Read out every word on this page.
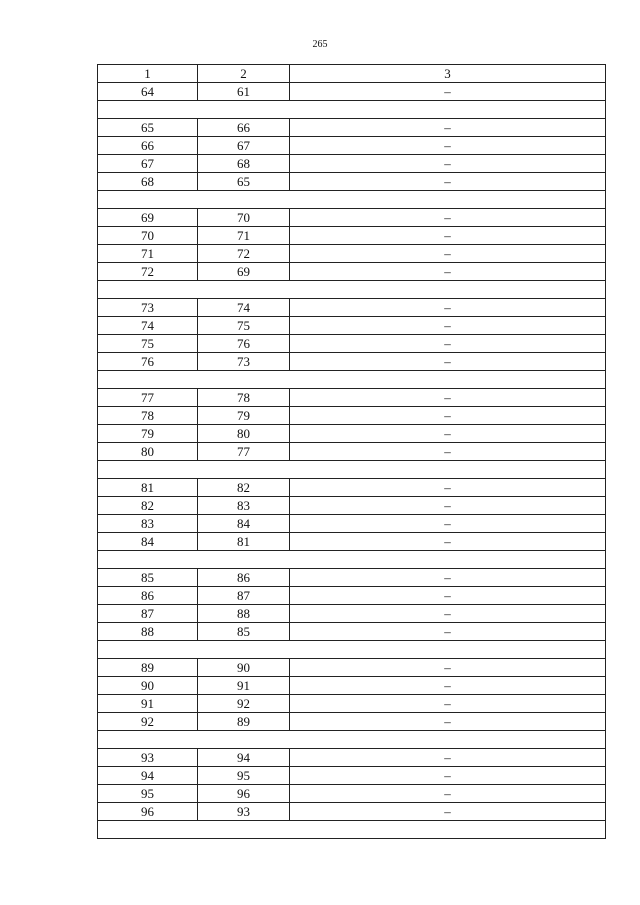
265
1	2	3
64	61	–

65	66	–
66	67	–
67	68	–
68	65	–

69	70	–
70	71	–
71	72	–
72	69	–

73	74	–
74	75	–
75	76	–
76	73	–

77	78	–
78	79	–
79	80	–
80	77	–

81	82	–
82	83	–
83	84	–
84	81	–

85	86	–
86	87	–
87	88	–
88	85	–

89	90	–
90	91	–
91	92	–
92	89	–

93	94	–
94	95	–
95	96	–
96	93	–
